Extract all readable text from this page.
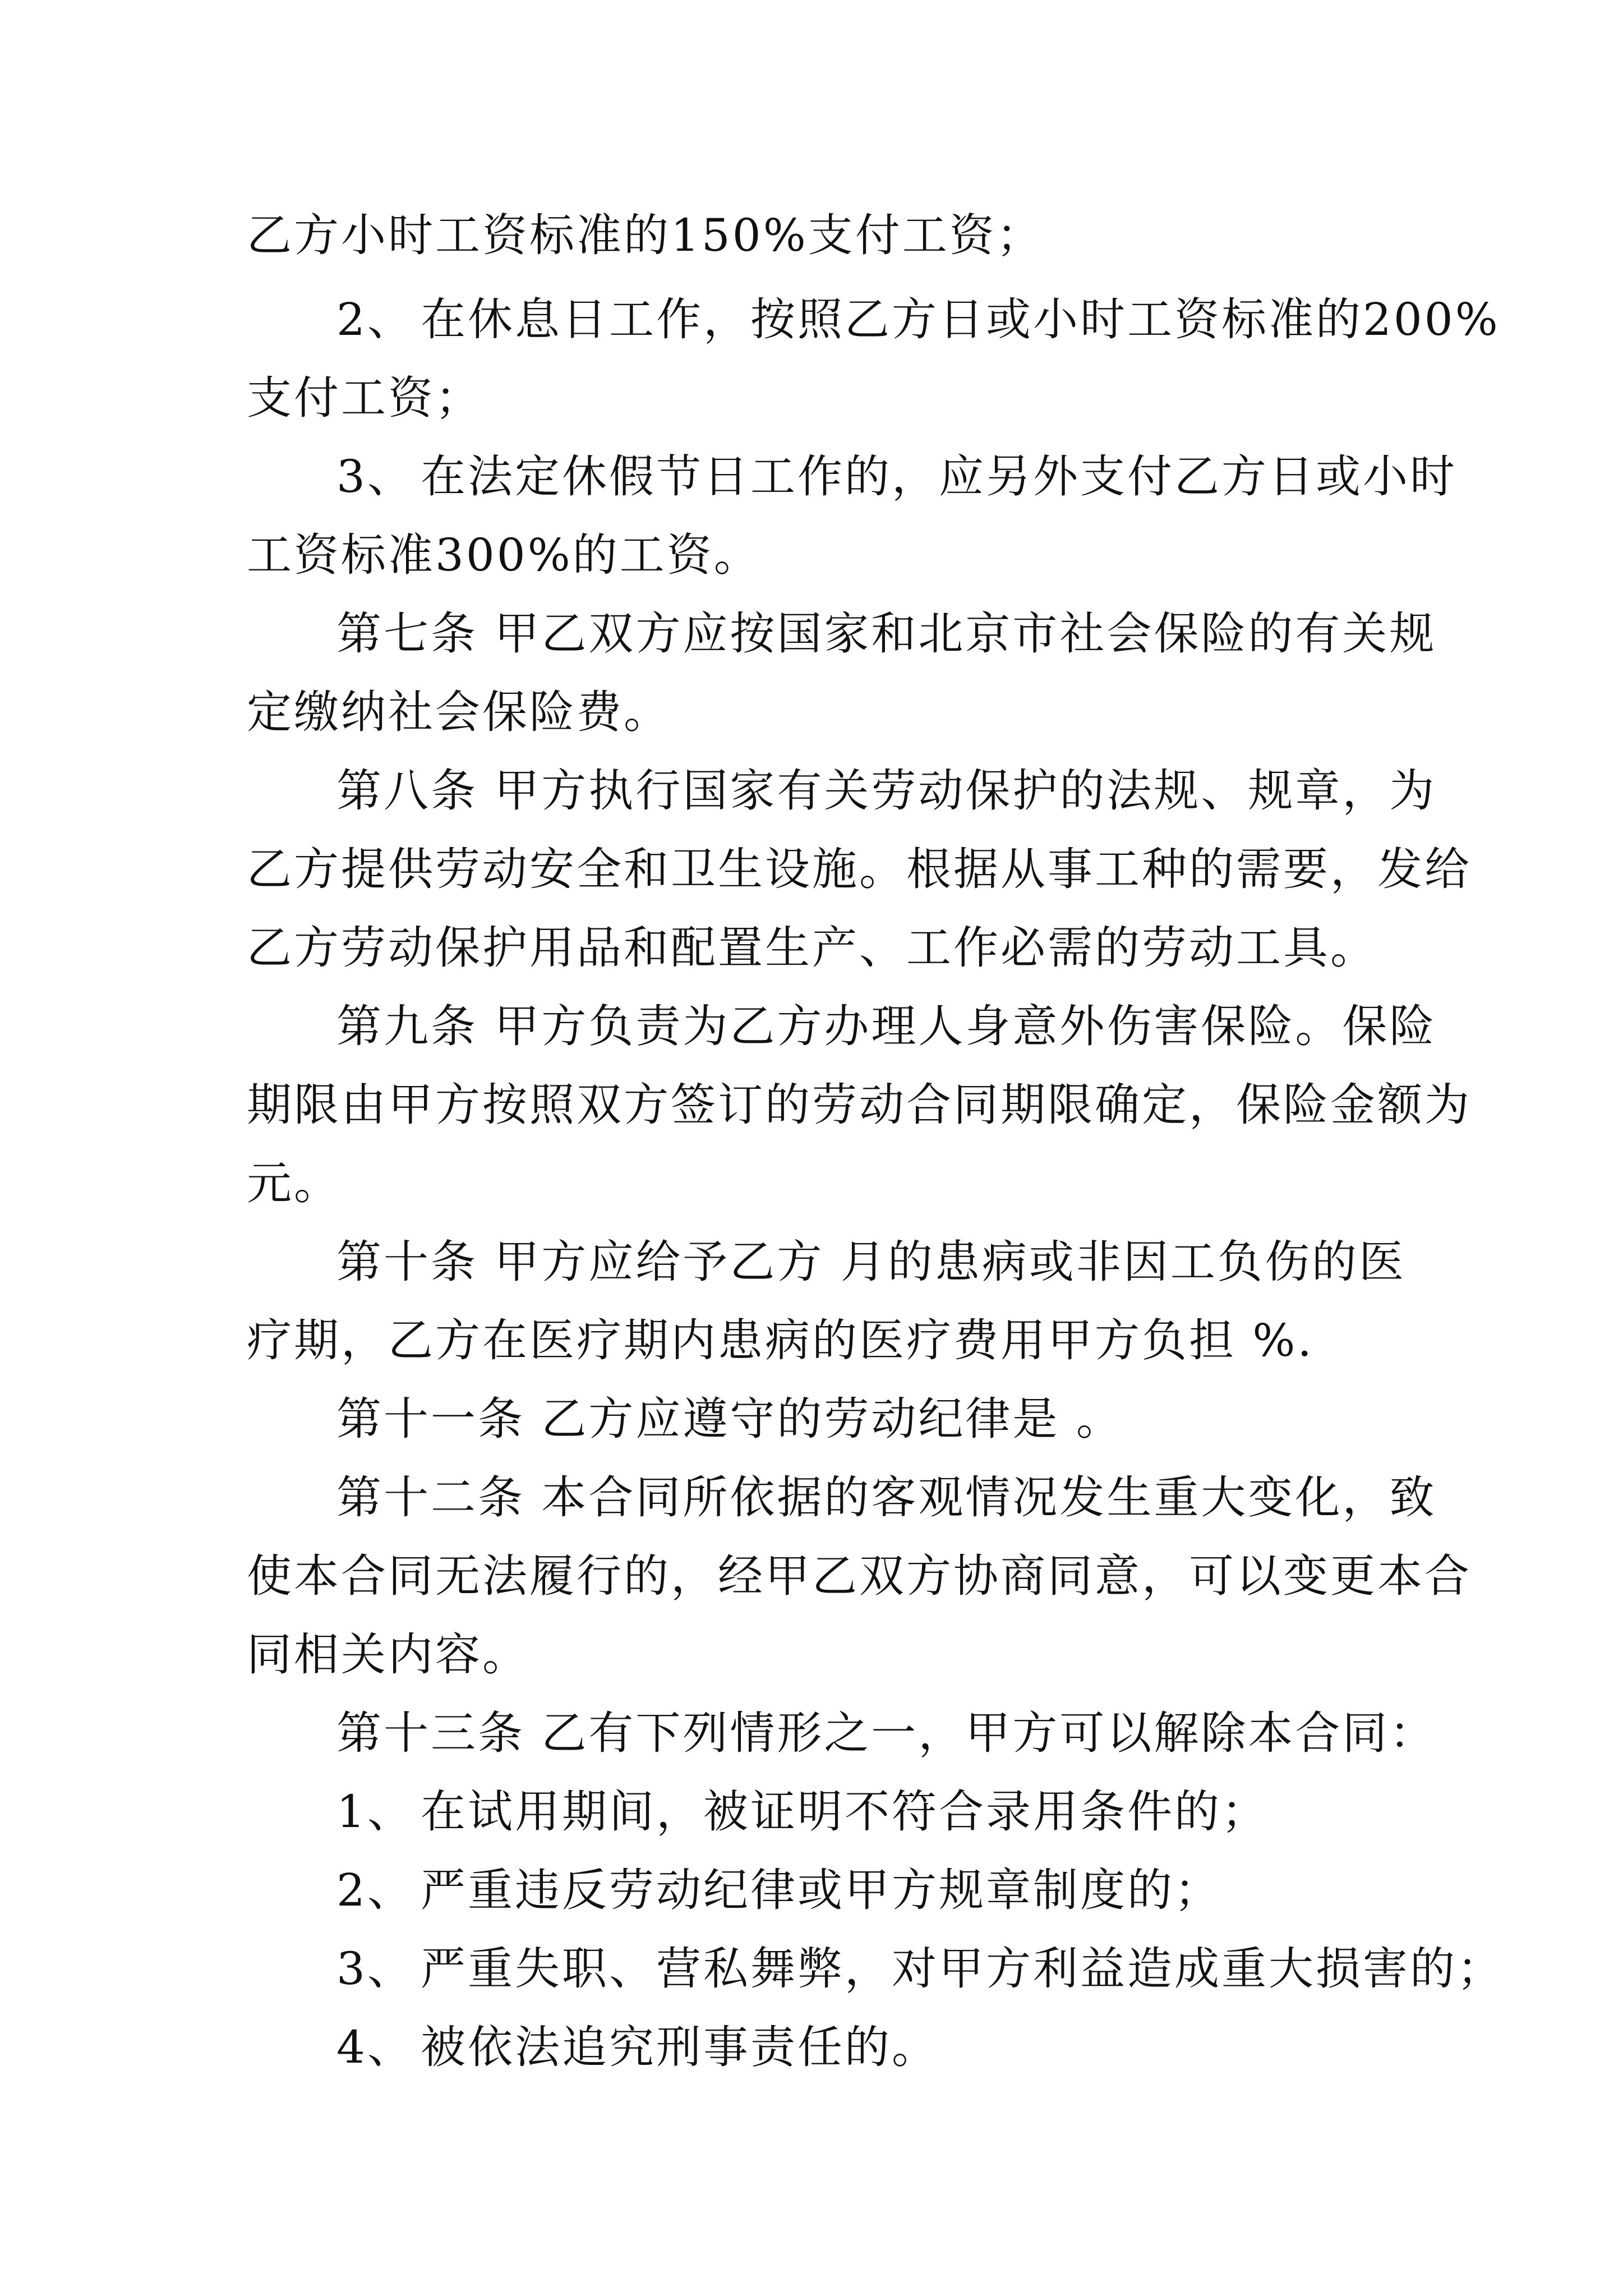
乙方小时工资标准的150%支付工资；
2、 在休息日工作，按照乙方日或小时工资标准的200%
支付工资；
3、 在法定休假节日工作的，应另外支付乙方日或小时
工资标准300%的工资。
第七条 甲乙双方应按国家和北京市社会保险的有关规
定缴纳社会保险费。
第八条 甲方执行国家有关劳动保护的法规、规章，为
乙方提供劳动安全和卫生设施。根据从事工种的需要，发给
乙方劳动保护用品和配置生产、工作必需的劳动工具。
第九条 甲方负责为乙方办理人身意外伤害保险。保险
期限由甲方按照双方签订的劳动合同期限确定，保险金额为
元。
第十条 甲方应给予乙方 月的患病或非因工负伤的医
疗期，乙方在医疗期内患病的医疗费用甲方负担 %.
第十一条 乙方应遵守的劳动纪律是 。
第十二条 本合同所依据的客观情况发生重大变化，致
使本合同无法履行的，经甲乙双方协商同意，可以变更本合
同相关内容。
第十三条 乙有下列情形之一，甲方可以解除本合同：
1、 在试用期间，被证明不符合录用条件的；
2、 严重违反劳动纪律或甲方规章制度的；
3、 严重失职、营私舞弊，对甲方利益造成重大损害的；
4、 被依法追究刑事责任的。
